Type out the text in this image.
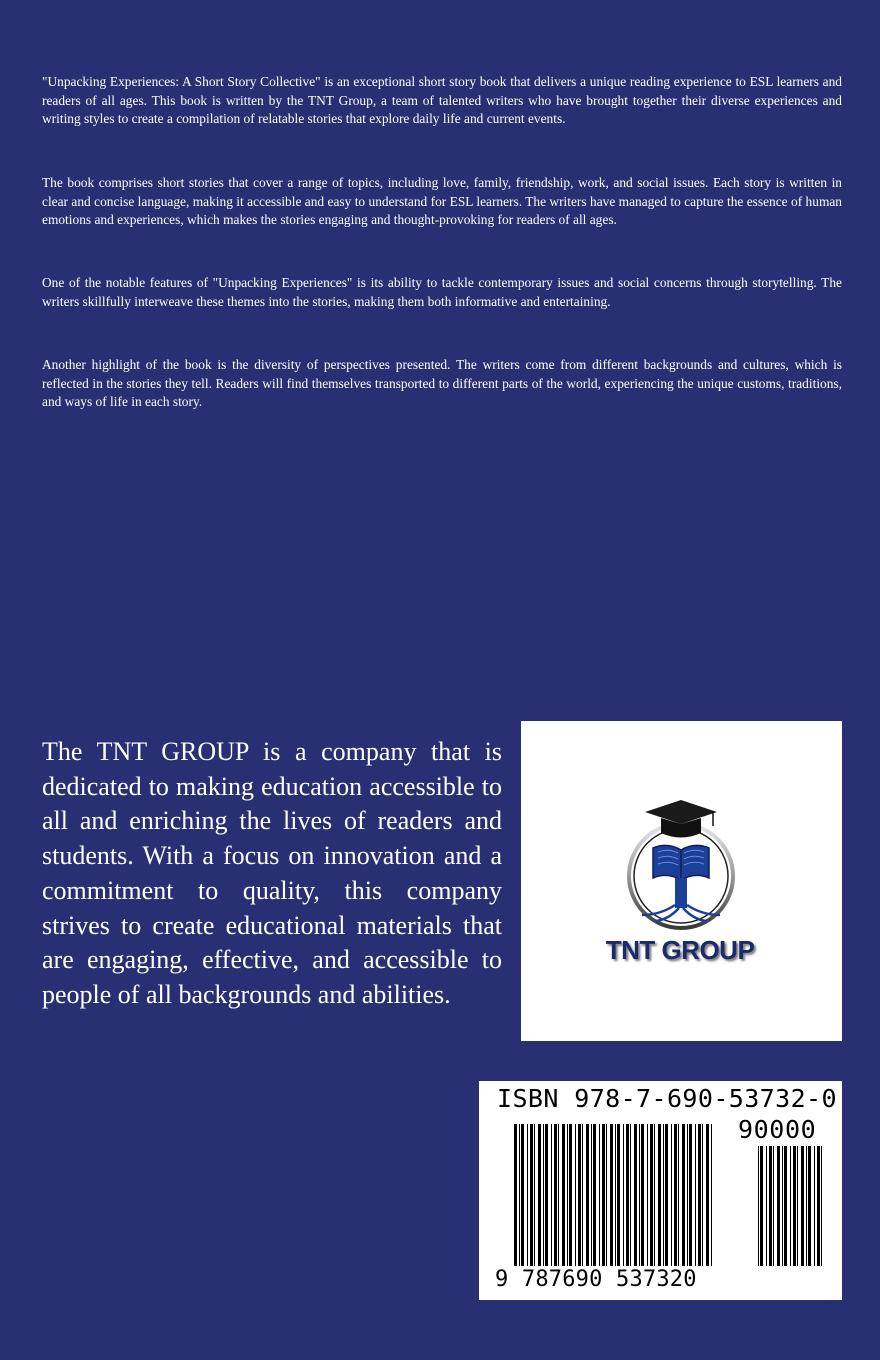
"Unpacking Experiences: A Short Story Collective" is an exceptional short story book that delivers a unique reading experience to ESL learners and readers of all ages. This book is written by the TNT Group, a team of talented writers who have brought together their diverse experiences and writing styles to create a compilation of relatable stories that explore daily life and current events.

The book comprises short stories that cover a range of topics, including love, family, friendship, work, and social issues. Each story is written in clear and concise language, making it accessible and easy to understand for ESL learners. The writers have managed to capture the essence of human emotions and experiences, which makes the stories engaging and thought-provoking for readers of all ages.

One of the notable features of "Unpacking Experiences" is its ability to tackle contemporary issues and social concerns through storytelling. The writers skillfully interweave these themes into the stories, making them both informative and entertaining.

Another highlight of the book is the diversity of perspectives presented. The writers come from different backgrounds and cultures, which is reflected in the stories they tell. Readers will find themselves transported to different parts of the world, experiencing the unique customs, traditions, and ways of life in each story.

The TNT GROUP is a company that is dedicated to making education accessible to all and enriching the lives of readers and students. With a focus on innovation and a commitment to quality, this company strives to create educational materials that are engaging, effective, and accessible to people of all backgrounds and abilities.

TNT GROUP
ISBN 978-7-690-53732-0
90000
9 787690 537320
